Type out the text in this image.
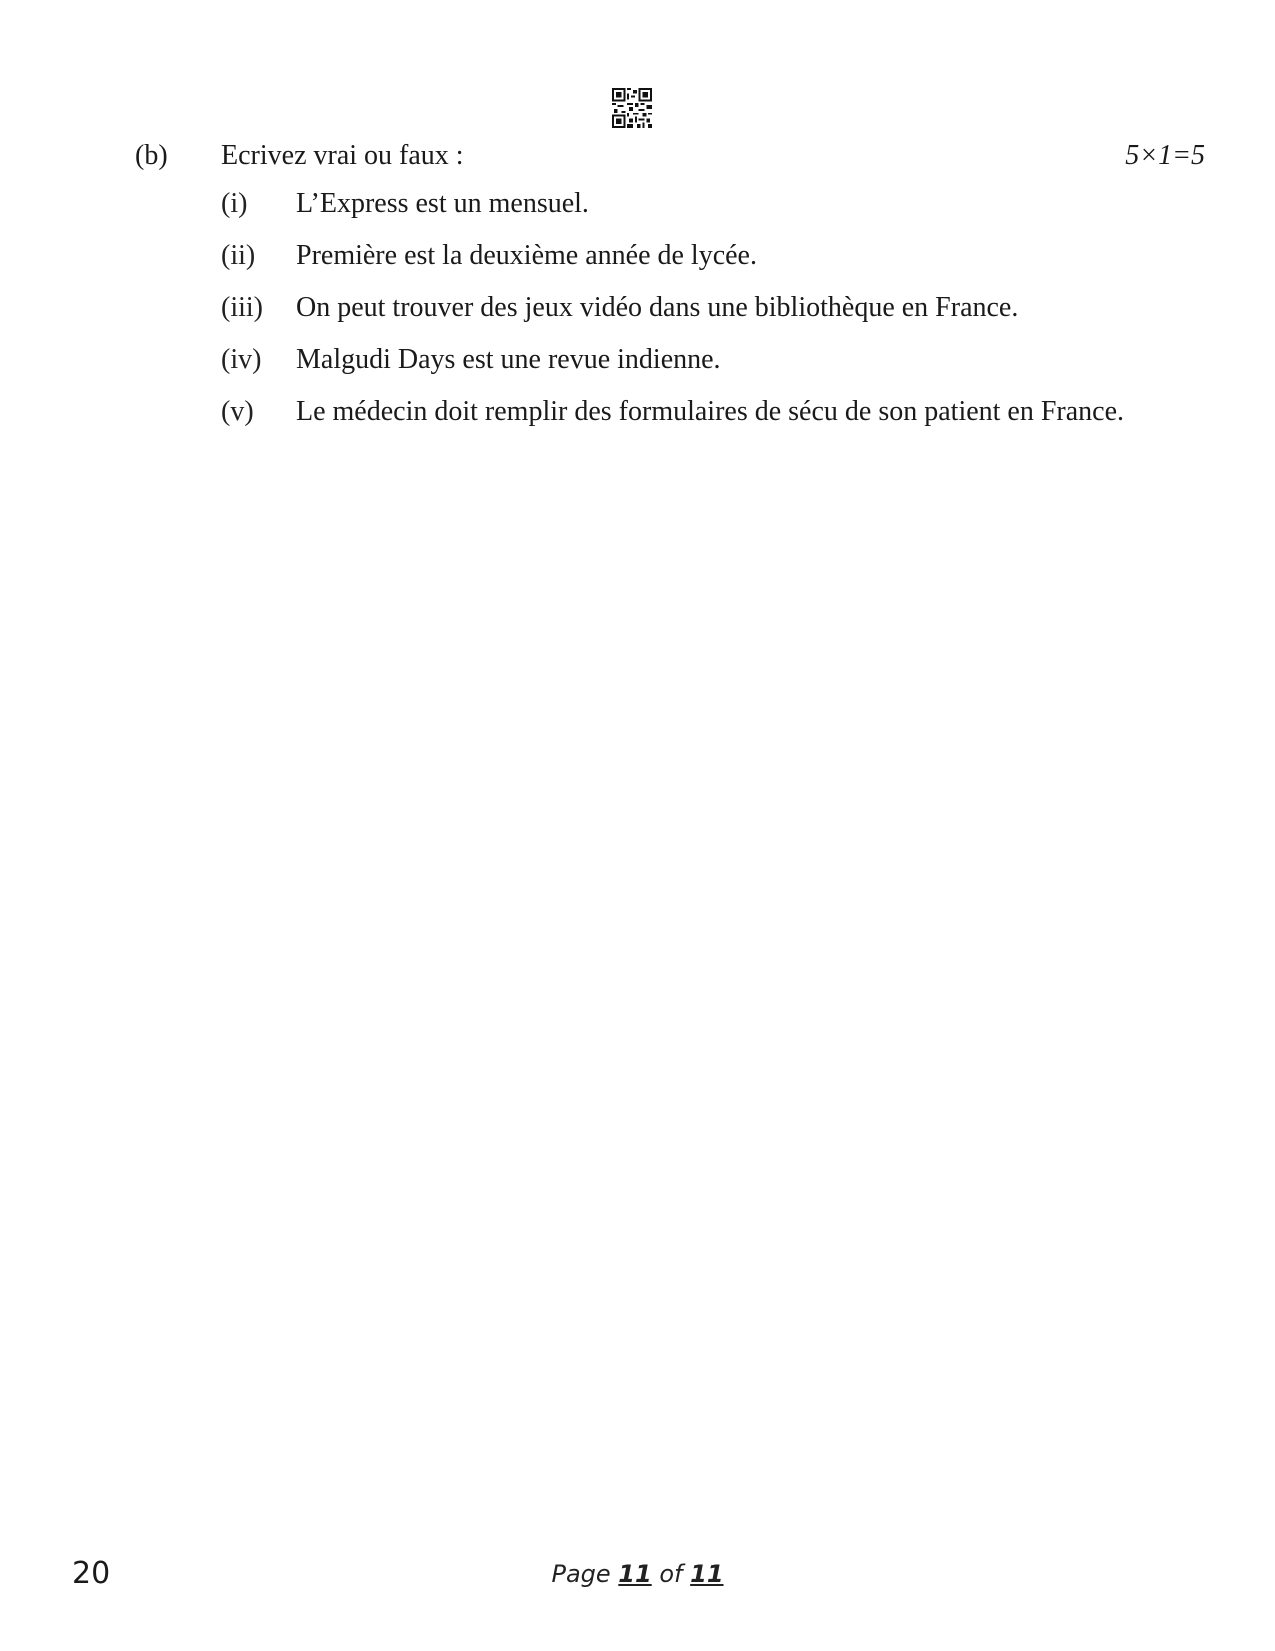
(b) Ecrivez vrai ou faux :	5×1=5
(i)	L’Express est un mensuel.
(ii)	Première est la deuxième année de lycée.
(iii)	On peut trouver des jeux vidéo dans une bibliothèque en France.
(iv)	Malgudi Days est une revue indienne.
(v)	Le médecin doit remplir des formulaires de sécu de son patient en France.
20	Page 11 of 11
